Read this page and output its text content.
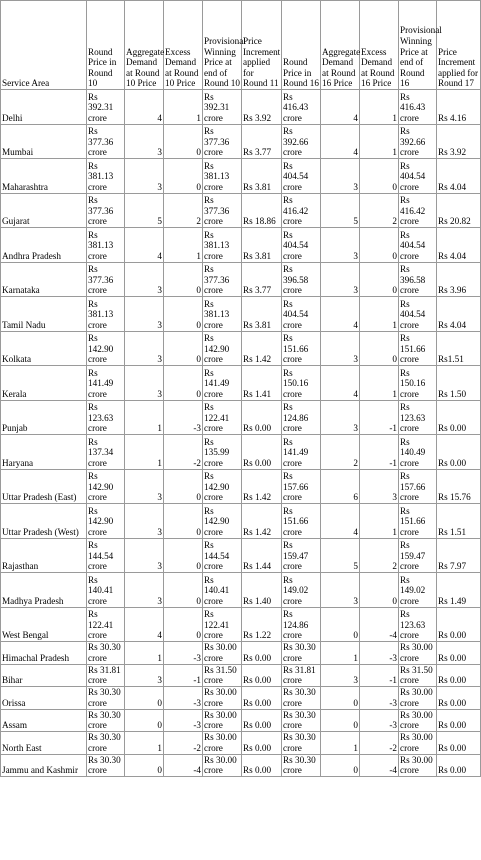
Service Area	Round Price in Round 10	Aggregate Demand at Round 10 Price	Excess Demand at Round 10 Price	Provisional Winning Price at end of Round 10	Price Increment applied for Round 11	Round Price in Round 16	Aggregate Demand at Round 16 Price	Excess Demand at Round 16 Price	Provisional Winning Price at end of Round 16	Price Increment applied for Round 17
Delhi	Rs 392.31 crore	4	1	Rs 392.31 crore	Rs 3.92	Rs 416.43 crore	4	1	Rs 416.43 crore	Rs 4.16
Mumbai	Rs 377.36 crore	3	0	Rs 377.36 crore	Rs 3.77	Rs 392.66 crore	4	1	Rs 392.66 crore	Rs 3.92
Maharashtra	Rs 381.13 crore	3	0	Rs 381.13 crore	Rs 3.81	Rs 404.54 crore	3	0	Rs 404.54 crore	Rs 4.04
Gujarat	Rs 377.36 crore	5	2	Rs 377.36 crore	Rs 18.86	Rs 416.42 crore	5	2	Rs 416.42 crore	Rs 20.82
Andhra Pradesh	Rs 381.13 crore	4	1	Rs 381.13 crore	Rs 3.81	Rs 404.54 crore	3	0	Rs 404.54 crore	Rs 4.04
Karnataka	Rs 377.36 crore	3	0	Rs 377.36 crore	Rs 3.77	Rs 396.58 crore	3	0	Rs 396.58 crore	Rs 3.96
Tamil Nadu	Rs 381.13 crore	3	0	Rs 381.13 crore	Rs 3.81	Rs 404.54 crore	4	1	Rs 404.54 crore	Rs 4.04
Kolkata	Rs 142.90 crore	3	0	Rs 142.90 crore	Rs 1.42	Rs 151.66 crore	3	0	Rs 151.66 crore	Rs1.51
Kerala	Rs 141.49 crore	3	0	Rs 141.49 crore	Rs 1.41	Rs 150.16 crore	4	1	Rs 150.16 crore	Rs 1.50
Punjab	Rs 123.63 crore	1	-3	Rs 122.41 crore	Rs 0.00	Rs 124.86 crore	3	-1	Rs 123.63 crore	Rs 0.00
Haryana	Rs 137.34 crore	1	-2	Rs 135.99 crore	Rs 0.00	Rs 141.49 crore	2	-1	Rs 140.49 crore	Rs 0.00
Uttar Pradesh (East)	Rs 142.90 crore	3	0	Rs 142.90 crore	Rs 1.42	Rs 157.66 crore	6	3	Rs 157.66 crore	Rs 15.76
Uttar Pradesh (West)	Rs 142.90 crore	3	0	Rs 142.90 crore	Rs 1.42	Rs 151.66 crore	4	1	Rs 151.66 crore	Rs 1.51
Rajasthan	Rs 144.54 crore	3	0	Rs 144.54 crore	Rs 1.44	Rs 159.47 crore	5	2	Rs 159.47 crore	Rs 7.97
Madhya Pradesh	Rs 140.41 crore	3	0	Rs 140.41 crore	Rs 1.40	Rs 149.02 crore	3	0	Rs 149.02 crore	Rs 1.49
West Bengal	Rs 122.41 crore	4	0	Rs 122.41 crore	Rs 1.22	Rs 124.86 crore	0	-4	Rs 123.63 crore	Rs 0.00
Himachal Pradesh	Rs 30.30 crore	1	-3	Rs 30.00 crore	Rs 0.00	Rs 30.30 crore	1	-3	Rs 30.00 crore	Rs 0.00
Bihar	Rs 31.81 crore	3	-1	Rs 31.50 crore	Rs 0.00	Rs 31.81 crore	3	-1	Rs 31.50 crore	Rs 0.00
Orissa	Rs 30.30 crore	0	-3	Rs 30.00 crore	Rs 0.00	Rs 30.30 crore	0	-3	Rs 30.00 crore	Rs 0.00
Assam	Rs 30.30 crore	0	-3	Rs 30.00 crore	Rs 0.00	Rs 30.30 crore	0	-3	Rs 30.00 crore	Rs 0.00
North East	Rs 30.30 crore	1	-2	Rs 30.00 crore	Rs 0.00	Rs 30.30 crore	1	-2	Rs 30.00 crore	Rs 0.00
Jammu and Kashmir	Rs 30.30 crore	0	-4	Rs 30.00 crore	Rs 0.00	Rs 30.30 crore	0	-4	Rs 30.00 crore	Rs 0.00
